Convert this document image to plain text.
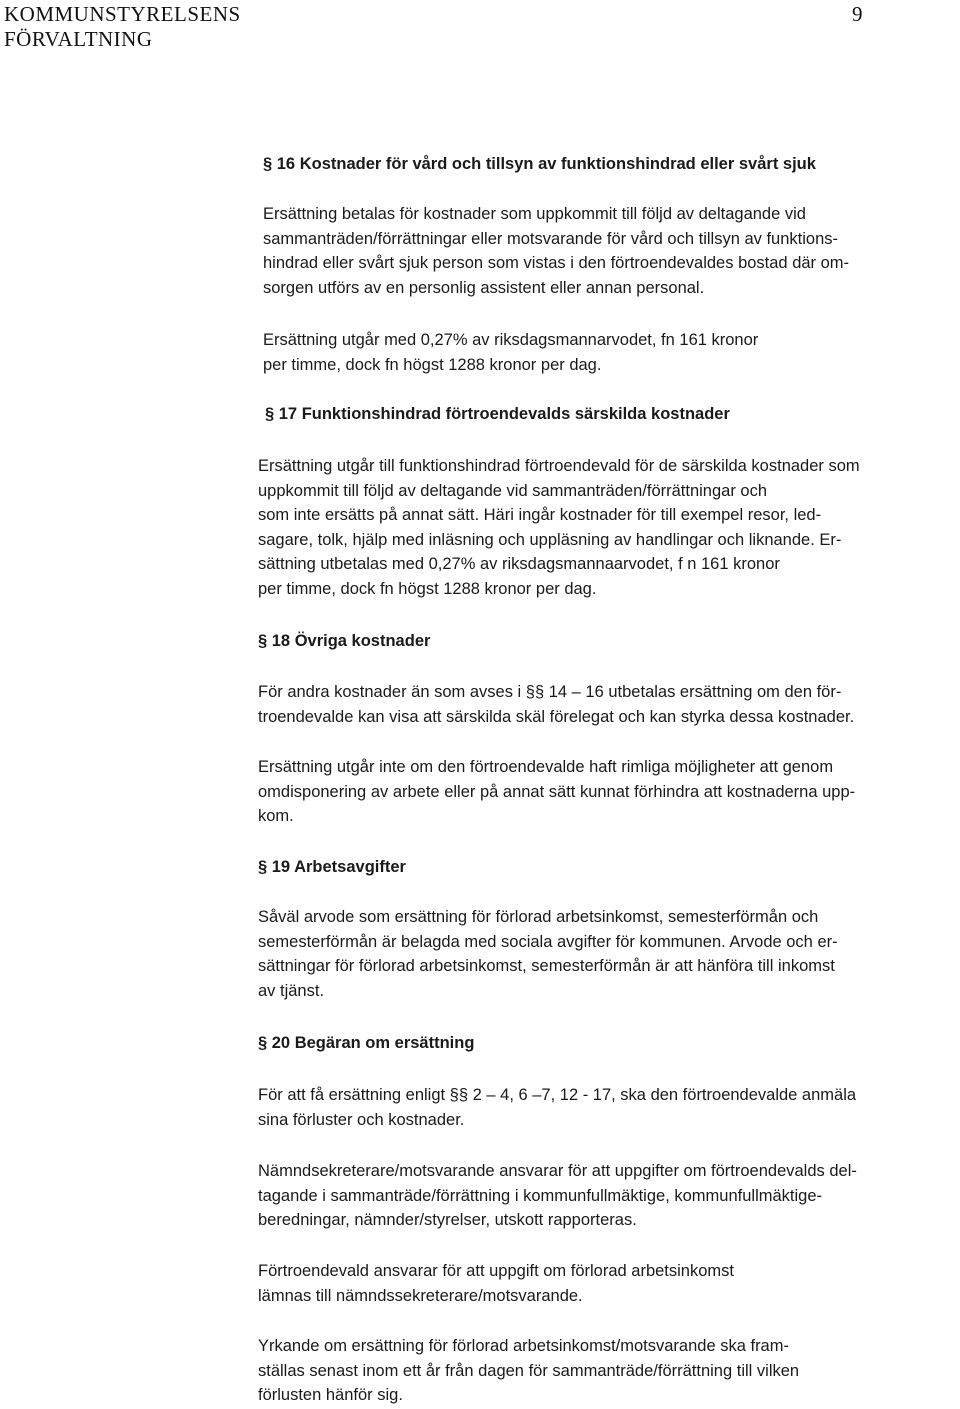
KOMMUNSTYRELSENS
FÖRVALTNING
9
§ 16 Kostnader för vård och tillsyn av funktionshindrad eller svårt sjuk
Ersättning betalas för kostnader som uppkommit till följd av deltagande vid
sammanträden/förrättningar eller motsvarande för vård och tillsyn av funktions-
hindrad eller svårt sjuk person som vistas i den förtroendevaldes bostad där om-
sorgen utförs av en personlig assistent eller annan personal.
Ersättning utgår med 0,27% av riksdagsmannarvodet, fn 161 kronor
per timme, dock fn högst 1288 kronor per dag.
§ 17 Funktionshindrad förtroendevalds särskilda kostnader
Ersättning utgår till funktionshindrad förtroendevald för de särskilda kostnader som
uppkommit till följd av deltagande vid sammanträden/förrättningar och
som inte ersätts på annat sätt. Häri ingår kostnader för till exempel resor, led-
sagare, tolk, hjälp med inläsning och uppläsning av handlingar och liknande. Er-
sättning utbetalas med 0,27% av riksdagsmannaarvodet, f n 161 kronor
per timme, dock fn högst 1288 kronor per dag.
§ 18 Övriga kostnader
För andra kostnader än som avses i §§ 14 – 16 utbetalas ersättning om den för-
troendevalde kan visa att särskilda skäl förelegat och kan styrka dessa kostnader.
Ersättning utgår inte om den förtroendevalde haft rimliga möjligheter att genom
omdisponering av arbete eller på annat sätt kunnat förhindra att kostnaderna upp-
kom.
§ 19 Arbetsavgifter
Såväl arvode som ersättning för förlorad arbetsinkomst, semesterförmån och
semesterförmån är belagda med sociala avgifter för kommunen. Arvode och er-
sättningar för förlorad arbetsinkomst, semesterförmån är att hänföra till inkomst
av tjänst.
§ 20 Begäran om ersättning
För att få ersättning enligt §§ 2 – 4, 6 –7, 12 - 17, ska den förtroendevalde anmäla
sina förluster och kostnader.
Nämndsekreterare/motsvarande ansvarar för att uppgifter om förtroendevalds del-
tagande i sammanträde/förrättning i kommunfullmäktige, kommunfullmäktige-
beredningar, nämnder/styrelser, utskott rapporteras.
Förtroendevald ansvarar för att uppgift om förlorad arbetsinkomst
lämnas till nämndssekreterare/motsvarande.
Yrkande om ersättning för förlorad arbetsinkomst/motsvarande ska fram-
ställas senast inom ett år från dagen för sammanträde/förrättning till vilken
förlusten hänför sig.
